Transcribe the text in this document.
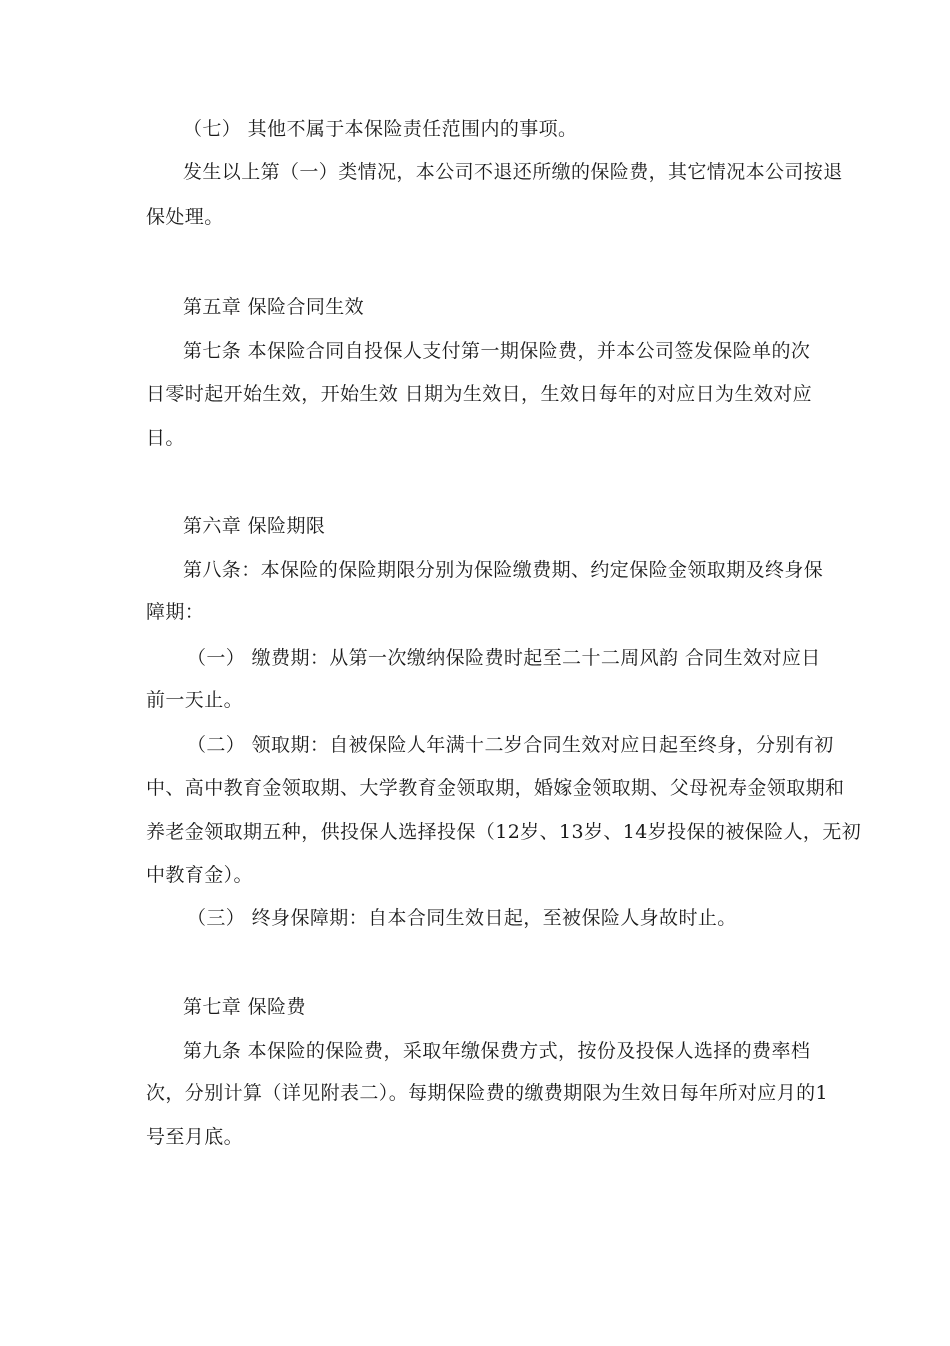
（七） 其他不属于本保险责任范围内的事项。
发生以上第（一）类情况，本公司不退还所缴的保险费，其它情况本公司按退
保处理。
第五章 保险合同生效
第七条 本保险合同自投保人支付第一期保险费，并本公司签发保险单的次
日零时起开始生效，开始生效 日期为生效日，生效日每年的对应日为生效对应
日。
第六章 保险期限
第八条：本保险的保险期限分别为保险缴费期、约定保险金领取期及终身保
障期：
（一） 缴费期：从第一次缴纳保险费时起至二十二周风韵 合同生效对应日
前一天止。
（二） 领取期：自被保险人年满十二岁合同生效对应日起至终身，分别有初
中、高中教育金领取期、大学教育金领取期，婚嫁金领取期、父母祝寿金领取期和
养老金领取期五种，供投保人选择投保（12岁、13岁、14岁投保的被保险人，无初
中教育金）。
（三） 终身保障期：自本合同生效日起，至被保险人身故时止。
第七章 保险费
第九条 本保险的保险费，采取年缴保费方式，按份及投保人选择的费率档
次，分别计算（详见附表二）。每期保险费的缴费期限为生效日每年所对应月的1
号至月底。
